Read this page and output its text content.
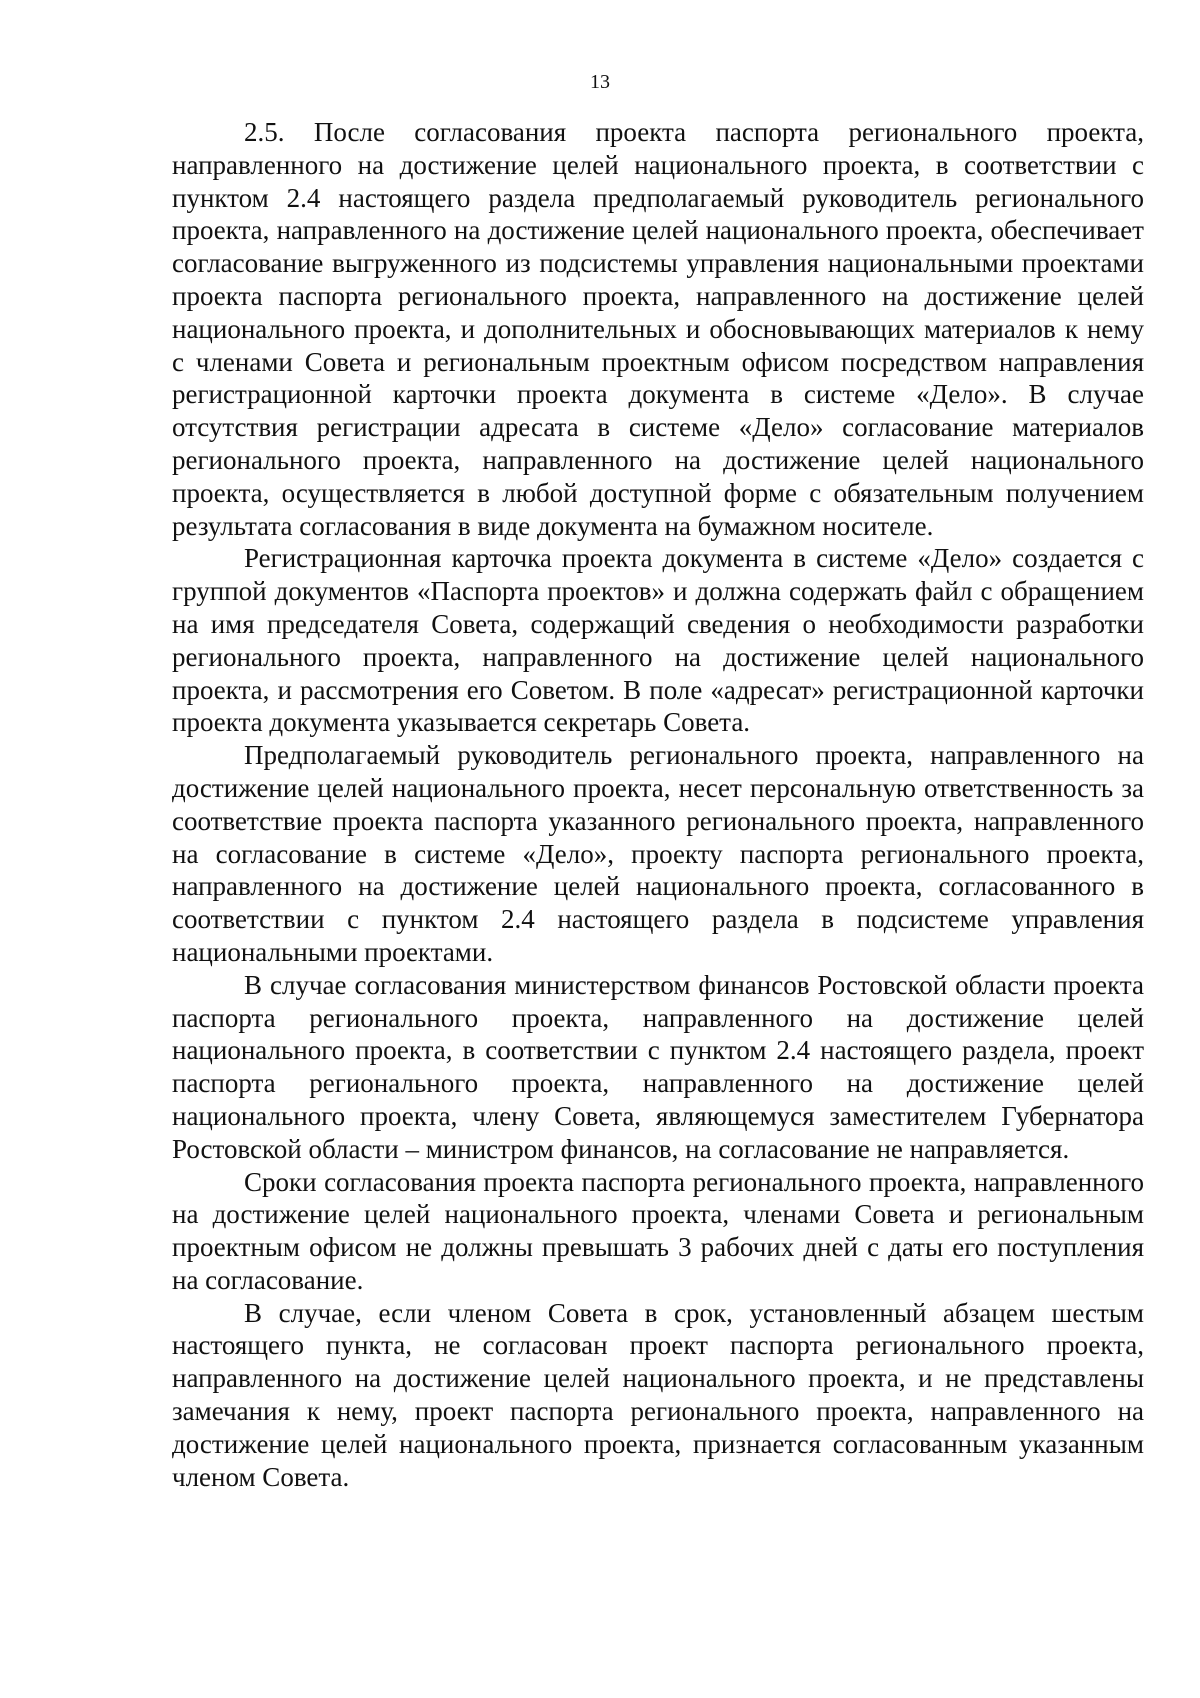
13

2.5. После согласования проекта паспорта регионального проекта, направленного на достижение целей национального проекта, в соответствии с пунктом 2.4 настоящего раздела предполагаемый руководитель регионального проекта, направленного на достижение целей национального проекта, обеспечивает согласование выгруженного из подсистемы управления национальными проектами проекта паспорта регионального проекта, направленного на достижение целей национального проекта, и дополнительных и обосновывающих материалов к нему с членами Совета и региональным проектным офисом посредством направления регистрационной карточки проекта документа в системе «Дело». В случае отсутствия регистрации адресата в системе «Дело» согласование материалов регионального проекта, направленного на достижение целей национального проекта, осуществляется в любой доступной форме с обязательным получением результата согласования в виде документа на бумажном носителе.

Регистрационная карточка проекта документа в системе «Дело» создается с группой документов «Паспорта проектов» и должна содержать файл с обращением на имя председателя Совета, содержащий сведения о необходимости разработки регионального проекта, направленного на достижение целей национального проекта, и рассмотрения его Советом. В поле «адресат» регистрационной карточки проекта документа указывается секретарь Совета.

Предполагаемый руководитель регионального проекта, направленного на достижение целей национального проекта, несет персональную ответственность за соответствие проекта паспорта указанного регионального проекта, направленного на согласование в системе «Дело», проекту паспорта регионального проекта, направленного на достижение целей национального проекта, согласованного в соответствии с пунктом 2.4 настоящего раздела в подсистеме управления национальными проектами.

В случае согласования министерством финансов Ростовской области проекта паспорта регионального проекта, направленного на достижение целей национального проекта, в соответствии с пунктом 2.4 настоящего раздела, проект паспорта регионального проекта, направленного на достижение целей национального проекта, члену Совета, являющемуся заместителем Губернатора Ростовской области – министром финансов, на согласование не направляется.

Сроки согласования проекта паспорта регионального проекта, направленного на достижение целей национального проекта, членами Совета и региональным проектным офисом не должны превышать 3 рабочих дней с даты его поступления на согласование.

В случае, если членом Совета в срок, установленный абзацем шестым настоящего пункта, не согласован проект паспорта регионального проекта, направленного на достижение целей национального проекта, и не представлены замечания к нему, проект паспорта регионального проекта, направленного на достижение целей национального проекта, признается согласованным указанным членом Совета.
